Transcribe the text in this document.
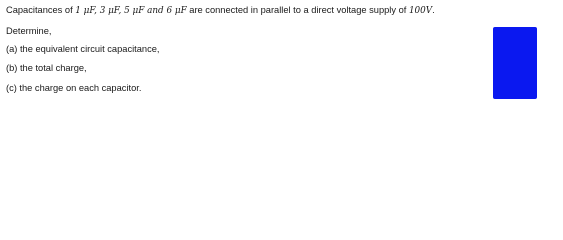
Capacitances of 1 μF, 3 μF, 5 μF and 6 μF are connected in parallel to a direct voltage supply of 100V.
Determine,
(a) the equivalent circuit capacitance,
(b) the total charge,
(c) the charge on each capacitor.
